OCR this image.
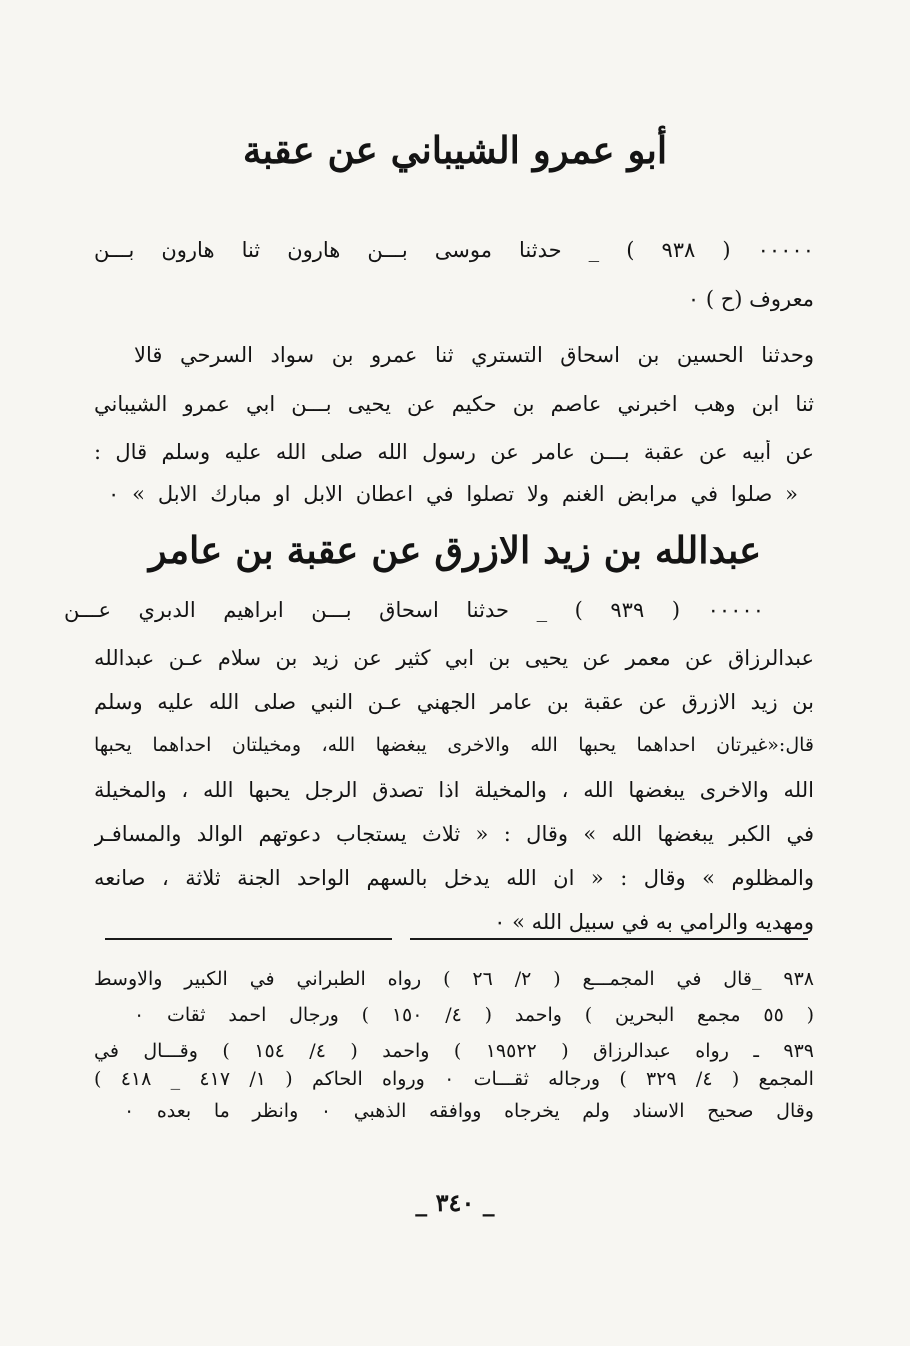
أبو عمرو الشيباني عن عقبة
٠٠٠٠٠ ( ٩٣٨ ) _ حدثنا موسى بـــن هارون ثنا هارون بـــن
معروف (ح ) ٠
وحدثنا الحسين بن اسحاق التستري ثنا عمرو بن سواد السرحي قالا
ثنا ابن وهب اخبرني عاصم بن حكيم عن يحيى بـــن ابي عمرو الشيباني
عن أبيه عن عقبة بـــن عامر عن رسول الله صلى الله عليه وسلم قال :
« صلوا في مرابض الغنم ولا تصلوا في اعطان الابل او مبارك الابل » ٠
عبدالله بن زيد الازرق عن عقبة بن عامر
٠٠٠٠٠ ( ٩٣٩ ) _ حدثنا اسحاق بـــن ابراهيم الدبري عـــن
عبدالرزاق عن معمر عن يحيى بن ابي كثير عن زيد بن سلام عـن عبدالله
بن زيد الازرق عن عقبة بن عامر الجهني عـن النبي صلى الله عليه وسلم
قال:«غيرتان احداهما يحبها الله والاخرى يبغضها الله، ومخيلتان احداهما يحبها
الله والاخرى يبغضها الله ، والمخيلة اذا تصدق الرجل يحبها الله ، والمخيلة
في الكبر يبغضها الله » وقال : « ثلاث يستجاب دعوتهم الوالد والمسافـر
والمظلوم » وقال : « ان الله يدخل بالسهم الواحد الجنة ثلاثة ، صانعه
ومهديه والرامي به في سبيل الله » ٠
٩٣٨ _قال في المجمـــع ( ٢/ ٢٦ ) رواه الطبراني في الكبير والاوسط
( ٥٥ مجمع البحرين ) واحمد ( ٤/ ١٥٠ ) ورجال احمد ثقات ٠
٩٣٩ ـ رواه عبدالرزاق ( ١٩٥٢٢ ) واحمد ( ٤/ ١٥٤ ) وقـــال في
المجمع ( ٤/ ٣٢٩ ) ورجاله ثقـــات ٠ ورواه الحاكم ( ١/ ٤١٧ _ ٤١٨ )
وقال صحيح الاسناد ولم يخرجاه ووافقه الذهبي ٠ وانظر ما بعده ٠
_ ٣٤٠ _
